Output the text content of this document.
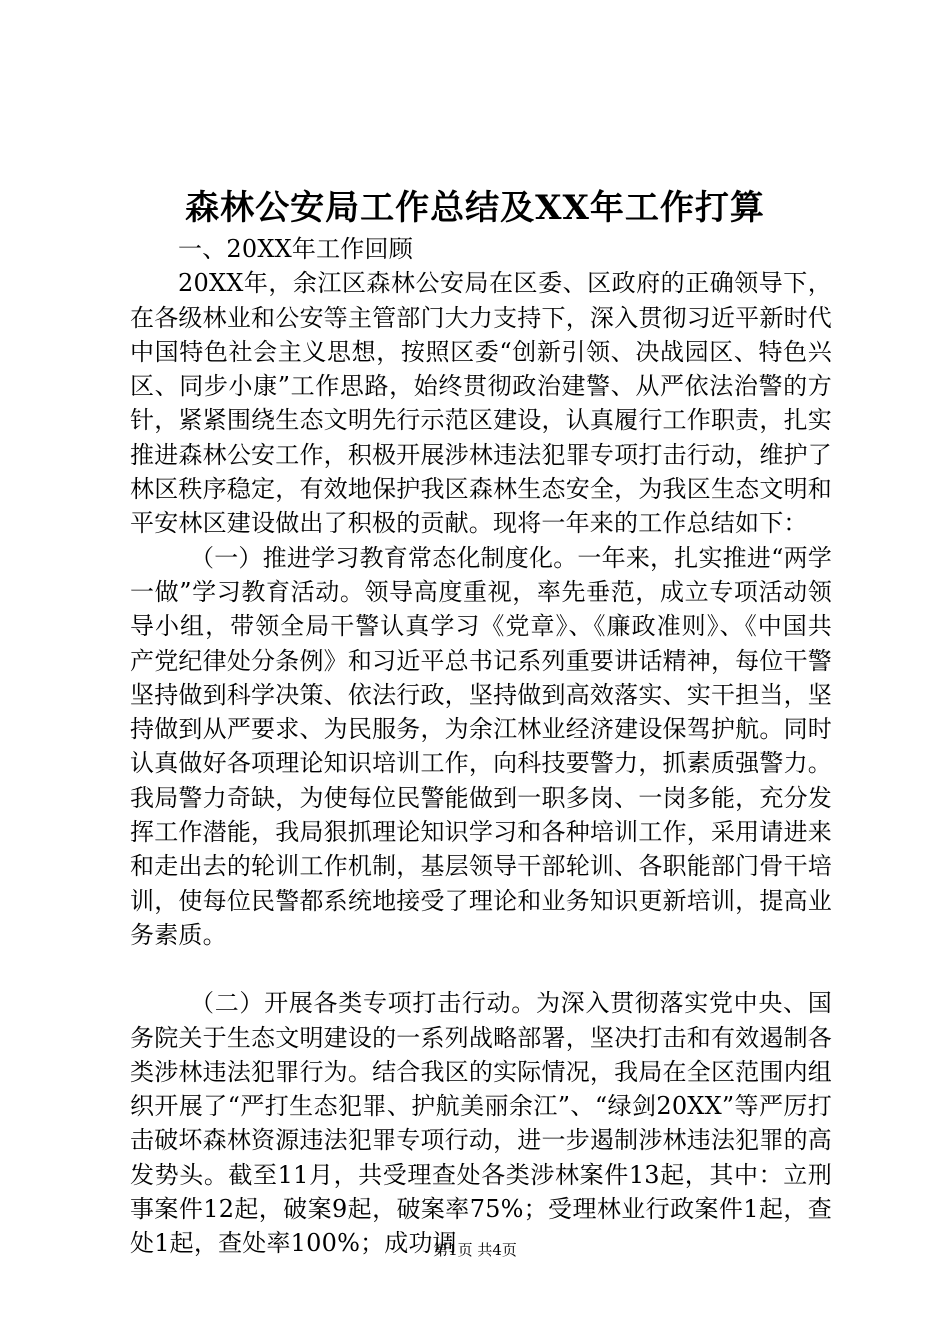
森林公安局工作总结及XX年工作打算

一、20XX年工作回顾

20XX年，余江区森林公安局在区委、区政府的正确领导下，在各级林业和公安等主管部门大力支持下，深入贯彻习近平新时代中国特色社会主义思想，按照区委“创新引领、决战园区、特色兴区、同步小康”工作思路，始终贯彻政治建警、从严依法治警的方针，紧紧围绕生态文明先行示范区建设，认真履行工作职责，扎实推进森林公安工作，积极开展涉林违法犯罪专项打击行动，维护了林区秩序稳定，有效地保护我区森林生态安全，为我区生态文明和平安林区建设做出了积极的贡献。现将一年来的工作总结如下：

（一）推进学习教育常态化制度化。一年来，扎实推进“两学一做”学习教育活动。领导高度重视，率先垂范，成立专项活动领导小组，带领全局干警认真学习《党章》、《廉政准则》、《中国共产党纪律处分条例》和习近平总书记系列重要讲话精神，每位干警坚持做到科学决策、依法行政，坚持做到高效落实、实干担当，坚持做到从严要求、为民服务，为余江林业经济建设保驾护航。同时认真做好各项理论知识培训工作，向科技要警力，抓素质强警力。我局警力奇缺，为使每位民警能做到一职多岗、一岗多能，充分发挥工作潜能，我局狠抓理论知识学习和各种培训工作，采用请进来和走出去的轮训工作机制，基层领导干部轮训、各职能部门骨干培训，使每位民警都系统地接受了理论和业务知识更新培训，提高业务素质。

（二）开展各类专项打击行动。为深入贯彻落实党中央、国务院关于生态文明建设的一系列战略部署，坚决打击和有效遏制各类涉林违法犯罪行为。结合我区的实际情况，我局在全区范围内组织开展了“严打生态犯罪、护航美丽余江”、“绿剑20XX”等严厉打击破坏森林资源违法犯罪专项行动，进一步遏制涉林违法犯罪的高发势头。截至11月，共受理查处各类涉林案件13起，其中：立刑事案件12起，破案9起，破案率75%；受理林业行政案件1起，查处1起，查处率100%；成功调

第1页 共4页
